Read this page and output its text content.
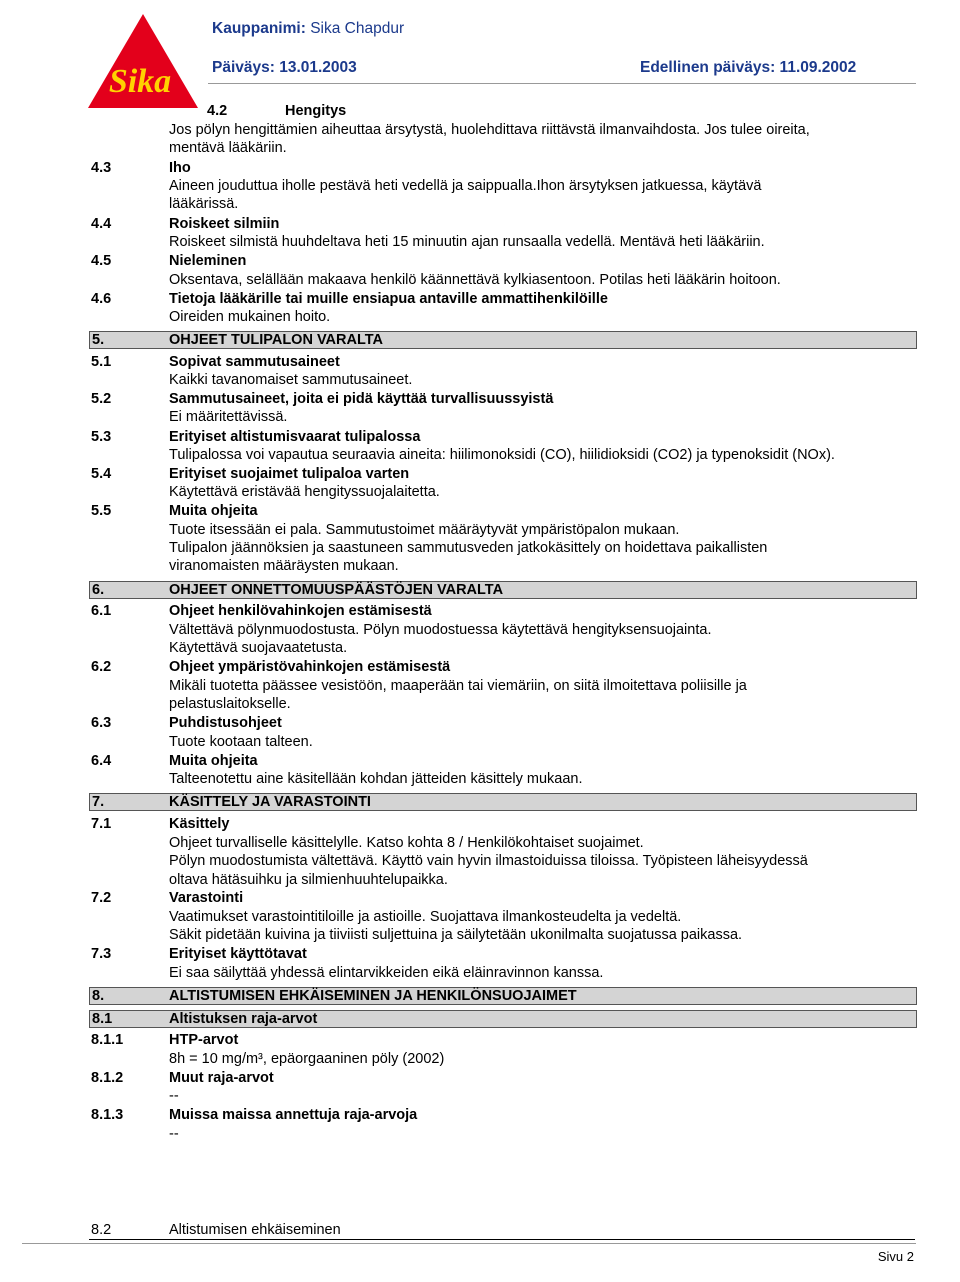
Sika
Kauppanimi: Sika Chapdur
Päiväys: 13.01.2003	Edellinen päiväys: 11.09.2002
4.2	Hengitys
Jos pölyn hengittämien aiheuttaa ärsytystä, huolehdittava riittävstä ilmanvaihdosta. Jos tulee oireita,
mentävä lääkäriin.
4.3	Iho
Aineen jouduttua iholle pestävä heti vedellä ja saippualla.Ihon ärsytyksen jatkuessa, käytävä
lääkärissä.
4.4	Roiskeet silmiin
Roiskeet silmistä huuhdeltava heti 15 minuutin ajan runsaalla vedellä. Mentävä heti lääkäriin.
4.5	Nieleminen
Oksentava, selällään makaava henkilö käännettävä kylkiasentoon. Potilas heti lääkärin hoitoon.
4.6	Tietoja lääkärille tai muille ensiapua antaville ammattihenkilöille
Oireiden mukainen hoito.
5.	OHJEET TULIPALON VARALTA
5.1	Sopivat sammutusaineet
Kaikki tavanomaiset sammutusaineet.
5.2	Sammutusaineet, joita ei pidä käyttää turvallisuussyistä
Ei määritettävissä.
5.3	Erityiset altistumisvaarat tulipalossa
Tulipalossa voi vapautua seuraavia aineita: hiilimonoksidi (CO), hiilidioksidi (CO2) ja typenoksidit (NOx).
5.4	Erityiset suojaimet tulipaloa varten
Käytettävä eristävää hengityssuojalaitetta.
5.5	Muita ohjeita
Tuote itsessään ei pala. Sammutustoimet määräytyvät ympäristöpalon mukaan.
Tulipalon jäännöksien ja saastuneen sammutusveden jatkokäsittely on hoidettava paikallisten
viranomaisten määräysten mukaan.
6.	OHJEET ONNETTOMUUSPÄÄSTÖJEN VARALTA
6.1	Ohjeet henkilövahinkojen estämisestä
Vältettävä pölynmuodostusta. Pölyn muodostuessa käytettävä hengityksensuojainta.
Käytettävä suojavaatetusta.
6.2	Ohjeet ympäristövahinkojen estämisestä
Mikäli tuotetta päässee vesistöön, maaperään tai viemäriin, on siitä ilmoitettava poliisille ja
pelastuslaitokselle.
6.3	Puhdistusohjeet
Tuote kootaan talteen.
6.4	Muita ohjeita
Talteenotettu aine käsitellään kohdan jätteiden käsittely mukaan.
7.	KÄSITTELY JA VARASTOINTI
7.1	Käsittely
Ohjeet turvalliselle käsittelylle. Katso kohta 8 / Henkilökohtaiset suojaimet.
Pölyn muodostumista vältettävä. Käyttö vain hyvin ilmastoiduissa tiloissa. Työpisteen läheisyydessä
oltava hätäsuihku ja silmienhuuhtelupaikka.
7.2	Varastointi
Vaatimukset varastointitiloille ja astioille. Suojattava ilmankosteudelta ja vedeltä.
Säkit pidetään kuivina ja tiiviisti suljettuina ja säilytetään ukonilmalta suojatussa paikassa.
7.3	Erityiset käyttötavat
Ei saa säilyttää yhdessä elintarvikkeiden eikä eläinravinnon kanssa.
8.	ALTISTUMISEN EHKÄISEMINEN JA HENKILÖNSUOJAIMET
8.1	Altistuksen raja-arvot
8.1.1	HTP-arvot
8h = 10 mg/m³, epäorgaaninen pöly (2002)
8.1.2	Muut raja-arvot
--
8.1.3	Muissa maissa annettuja raja-arvoja
--
8.2	Altistumisen ehkäiseminen
Sivu 2
